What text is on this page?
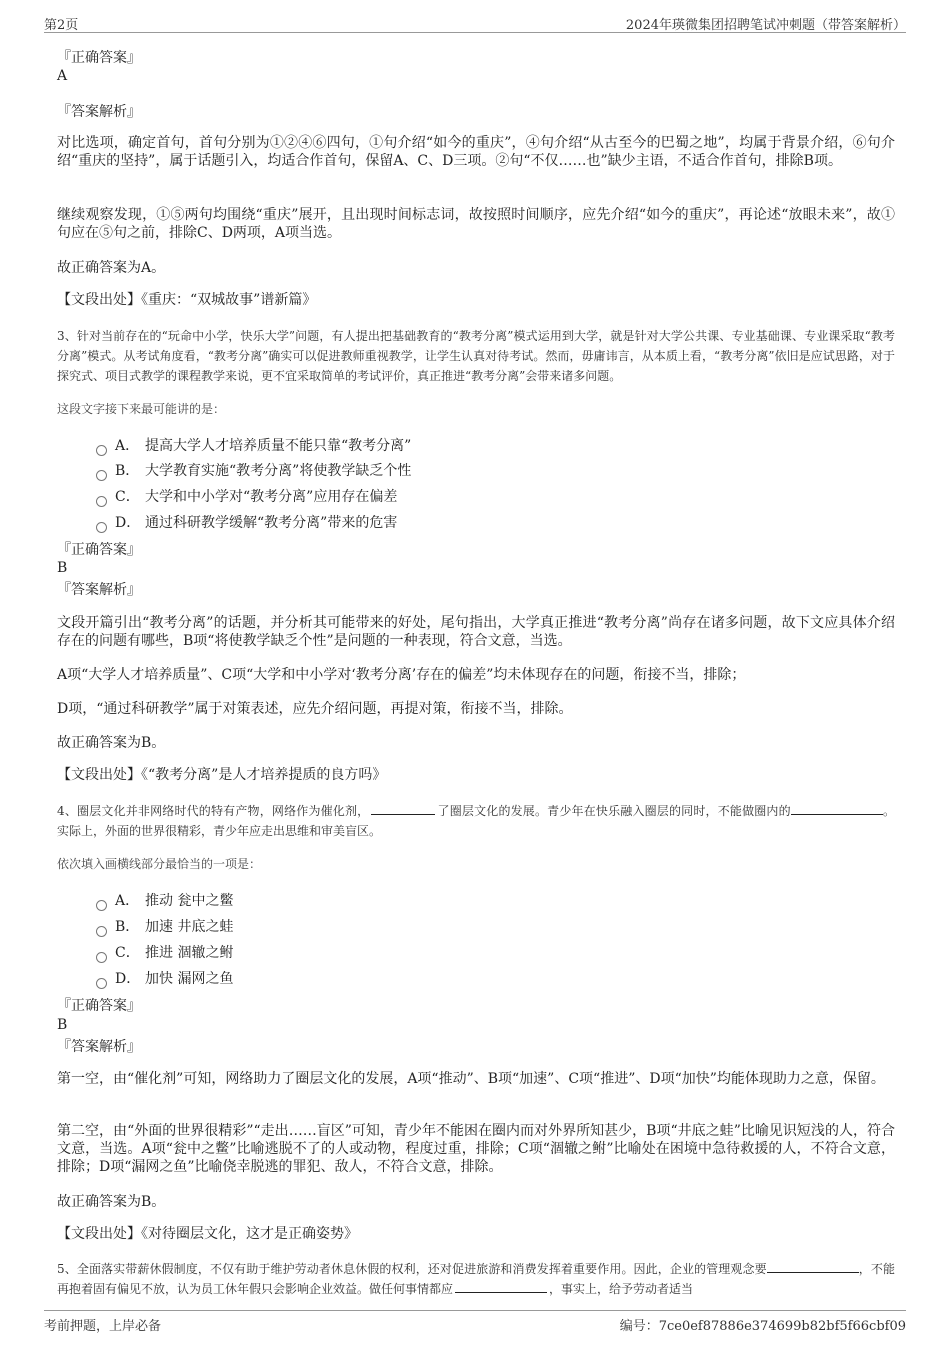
第2页	2024年瑛微集团招聘笔试冲刺题（带答案解析）
『正确答案』
A
『答案解析』
对比选项，确定首句，首句分别为①②④⑥四句，①句介绍“如今的重庆”，④句介绍“从古至今的巴蜀之地”，均属于背景介绍，⑥句介绍“重庆的坚持”，属于话题引入，均适合作首句，保留A、C、D三项。②句“不仅……也”缺少主语，不适合作首句，排除B项。
继续观察发现，①⑤两句均围绕“重庆”展开，且出现时间标志词，故按照时间顺序，应先介绍“如今的重庆”，再论述“放眼未来”，故①句应在⑤句之前，排除C、D两项，A项当选。
故正确答案为A。
【文段出处】《重庆：“双城故事”谱新篇》
3、针对当前存在的“玩命中小学，快乐大学”问题，有人提出把基础教育的“教考分离”模式运用到大学，就是针对大学公共课、专业基础课、专业课采取“教考分离”模式。从考试角度看，“教考分离”确实可以促进教师重视教学，让学生认真对待考试。然而，毋庸讳言，从本质上看，“教考分离”依旧是应试思路，对于探究式、项目式教学的课程教学来说，更不宜采取简单的考试评价，真正推进“教考分离”会带来诸多问题。
这段文字接下来最可能讲的是：
A． 提高大学人才培养质量不能只靠“教考分离”
B． 大学教育实施“教考分离”将使教学缺乏个性
C． 大学和中小学对“教考分离”应用存在偏差
D． 通过科研教学缓解“教考分离”带来的危害
『正确答案』
B
『答案解析』
文段开篇引出“教考分离”的话题，并分析其可能带来的好处，尾句指出，大学真正推进“教考分离”尚存在诸多问题，故下文应具体介绍存在的问题有哪些，B项“将使教学缺乏个性”是问题的一种表现，符合文意，当选。
A项“大学人才培养质量”、C项“大学和中小学对‘教考分离’存在的偏差”均未体现存在的问题，衔接不当，排除；
D项，“通过科研教学”属于对策表述，应先介绍问题，再提对策，衔接不当，排除。
故正确答案为B。
【文段出处】《“教考分离”是人才培养提质的良方吗》
4、圈层文化并非网络时代的特有产物，网络作为催化剂，	了圈层文化的发展。青少年在快乐融入圈层的同时，不能做圈内的	。实际上，外面的世界很精彩，青少年应走出思维和审美盲区。
依次填入画横线部分最恰当的一项是：
A． 推动 瓮中之鳖
B． 加速 井底之蛙
C． 推进 涸辙之鲋
D． 加快 漏网之鱼
『正确答案』
B
『答案解析』
第一空，由“催化剂”可知，网络助力了圈层文化的发展，A项“推动”、B项“加速”、C项“推进”、D项“加快”均能体现助力之意，保留。
第二空，由“外面的世界很精彩”“走出……盲区”可知，青少年不能困在圈内而对外界所知甚少，B项“井底之蛙”比喻见识短浅的人，符合文意，当选。A项“瓮中之鳖”比喻逃脱不了的人或动物，程度过重，排除；C项“涸辙之鲋”比喻处在困境中急待救援的人，不符合文意，排除；D项“漏网之鱼”比喻侥幸脱逃的罪犯、敌人，不符合文意，排除。
故正确答案为B。
【文段出处】《对待圈层文化，这才是正确姿势》
5、全面落实带薪休假制度，不仅有助于维护劳动者休息休假的权利，还对促进旅游和消费发挥着重要作用。因此，企业的管理观念要	，不能再抱着固有偏见不放，认为员工休年假只会影响企业效益。做任何事情都应	，事实上，给予劳动者适当
考前押题，上岸必备	编号：7ce0ef87886e374699b82bf5f66cbf09
